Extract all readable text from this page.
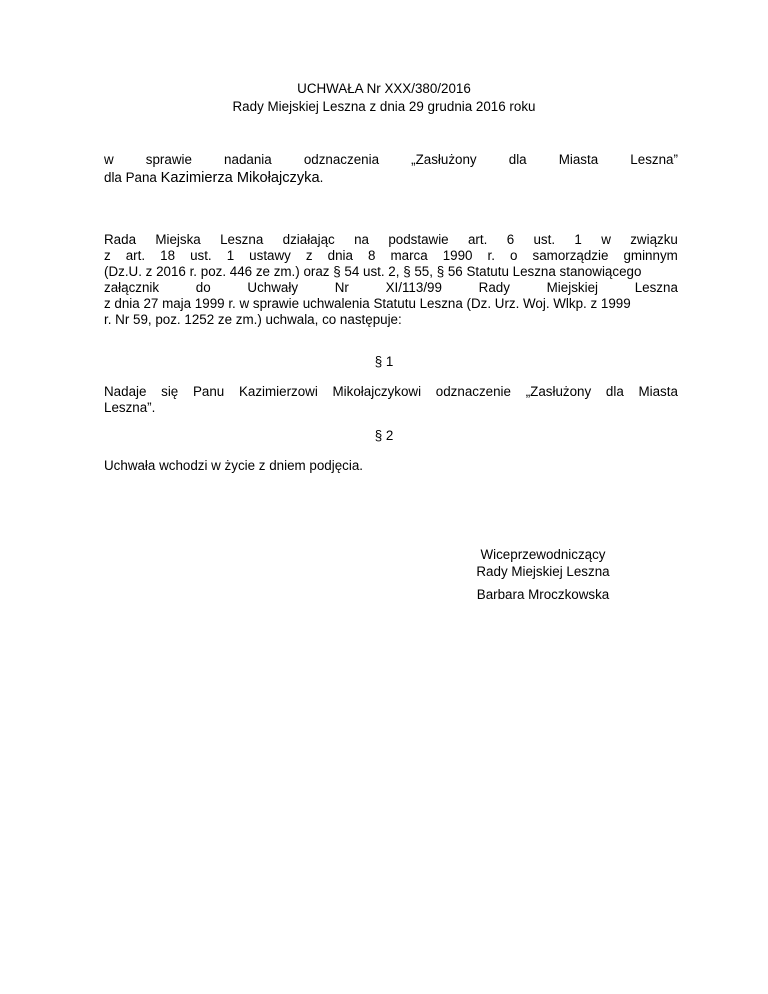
UCHWAŁA Nr XXX/380/2016
Rady Miejskiej Leszna z dnia 29 grudnia 2016 roku
w sprawie nadania odznaczenia „Zasłużony dla Miasta Leszna”
dla Pana Kazimierza Mikołajczyka.
Rada Miejska Leszna działając na podstawie art. 6 ust. 1 w związku
z art. 18 ust. 1 ustawy z dnia 8 marca 1990 r. o samorządzie gminnym
(Dz.U. z 2016 r. poz. 446 ze zm.) oraz § 54 ust. 2, § 55, § 56 Statutu Leszna stanowiącego
załącznik	do	Uchwały	Nr	XI/113/99	Rady	Miejskiej	Leszna
z dnia 27 maja 1999 r. w sprawie uchwalenia Statutu Leszna (Dz. Urz. Woj. Wlkp. z 1999
r. Nr 59, poz. 1252 ze zm.) uchwala, co następuje:
§ 1
Nadaje się Panu Kazimierzowi Mikołajczykowi odznaczenie „Zasłużony dla Miasta
Leszna”.
§ 2
Uchwała wchodzi w życie z dniem podjęcia.
Wiceprzewodniczący
Rady Miejskiej Leszna
Barbara Mroczkowska
